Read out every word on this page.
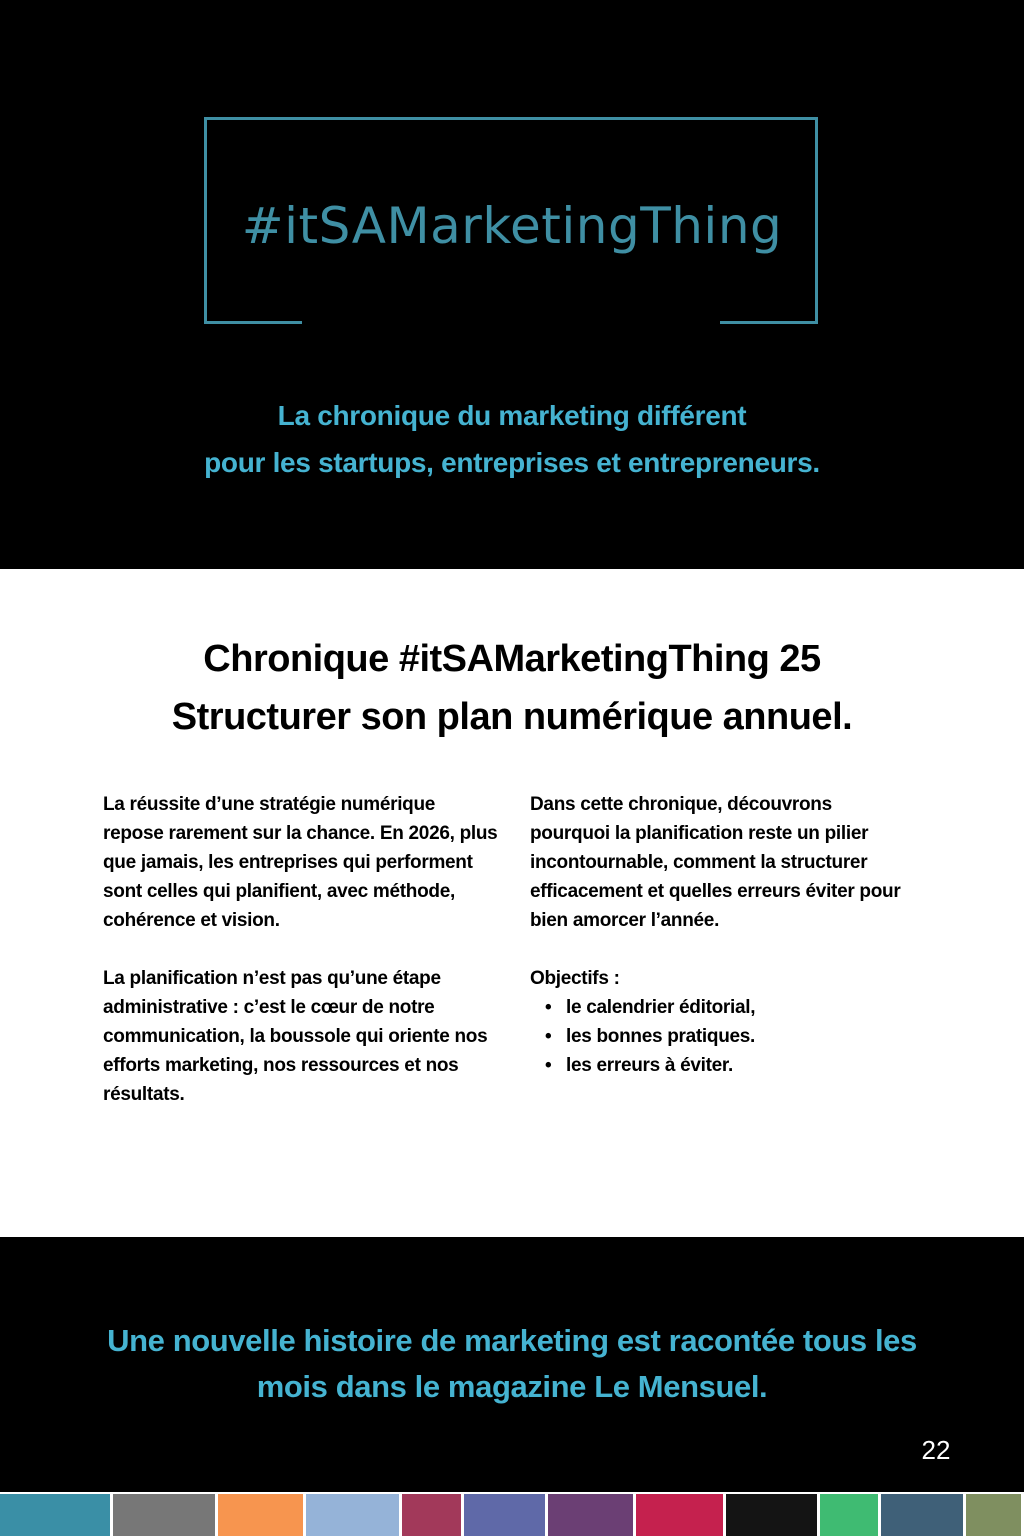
#itSAMarketingThing
La chronique du marketing différent
pour les startups, entreprises et entrepreneurs.
Chronique #itSAMarketingThing 25
Structurer son plan numérique annuel.

La réussite d’une stratégie numérique repose rarement sur la chance. En 2026, plus que jamais, les entreprises qui performent sont celles qui planifient, avec méthode, cohérence et vision.

La planification n’est pas qu’une étape administrative : c’est le cœur de notre communication, la boussole qui oriente nos efforts marketing, nos ressources et nos résultats.

Dans cette chronique, découvrons pourquoi la planification reste un pilier incontournable, comment la structurer efficacement et quelles erreurs éviter pour bien amorcer l’année.

Objectifs :
• le calendrier éditorial,
• les bonnes pratiques.
• les erreurs à éviter.
Une nouvelle histoire de marketing est racontée tous les
mois dans le magazine Le Mensuel.
22
